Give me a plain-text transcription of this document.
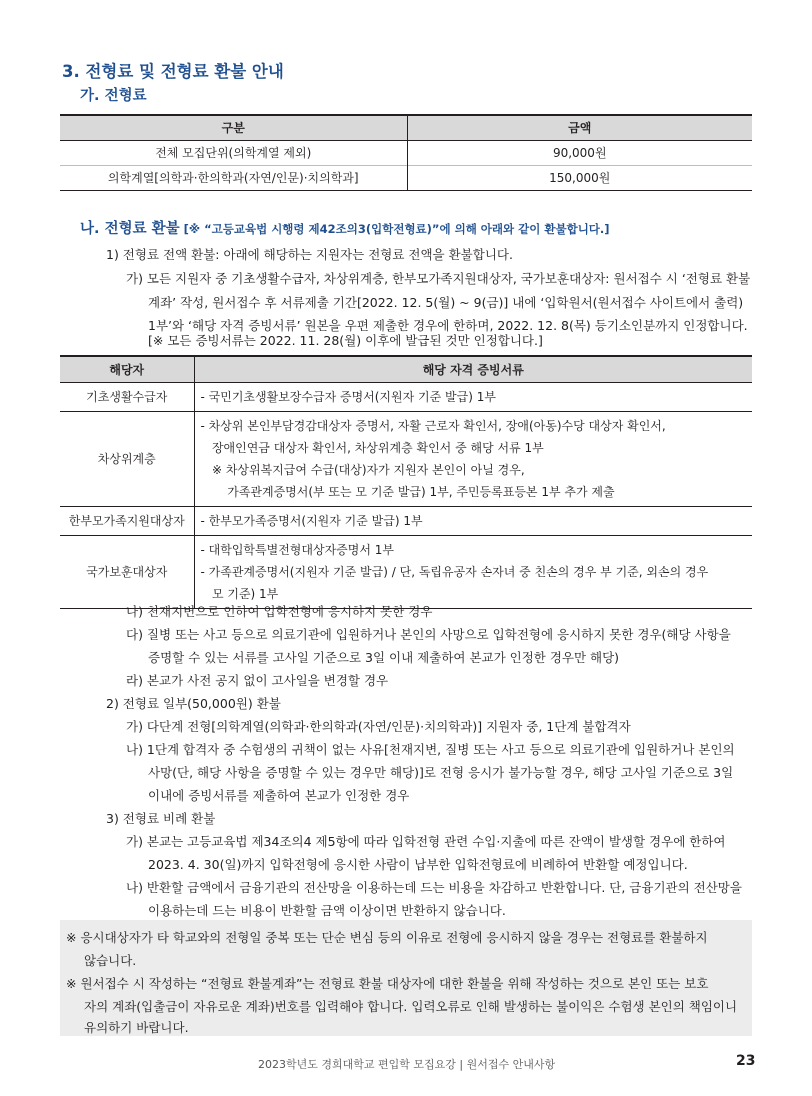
3. 전형료 및 전형료 환불 안내
가. 전형료
구분	금액
전체 모집단위(의학계열 제외)	90,000원
의학계열[의학과·한의학과(자연/인문)·치의학과]	150,000원
나. 전형료 환불 [※ “고등교육법 시행령 제42조의3(입학전형료)”에 의해 아래와 같이 환불합니다.]
1) 전형료 전액 환불: 아래에 해당하는 지원자는 전형료 전액을 환불합니다.
가) 모든 지원자 중 기초생활수급자, 차상위계층, 한부모가족지원대상자, 국가보훈대상자: 원서접수 시 ‘전형료 환불
계좌’ 작성, 원서접수 후 서류제출 기간[2022. 12. 5(월) ~ 9(금)] 내에 ‘입학원서(원서접수 사이트에서 출력)
1부’와 ‘해당 자격 증빙서류’ 원본을 우편 제출한 경우에 한하며, 2022. 12. 8(목) 등기소인분까지 인정합니다.
[※ 모든 증빙서류는 2022. 11. 28(월) 이후에 발급된 것만 인정합니다.]
해당자	해당 자격 증빙서류
기초생활수급자	- 국민기초생활보장수급자 증명서(지원자 기준 발급) 1부

차상위계층	- 차상위 본인부담경감대상자 증명서, 자활 근로자 확인서, 장애(아동)수당 대상자 확인서,
장애인연금 대상자 확인서, 차상위계층 확인서 중 해당 서류 1부
※ 차상위복지급여 수급(대상)자가 지원자 본인이 아닐 경우,
가족관계증명서(부 또는 모 기준 발급) 1부, 주민등록표등본 1부 추가 제출

한부모가족지원대상자	- 한부모가족증명서(지원자 기준 발급) 1부

국가보훈대상자	- 대학입학특별전형대상자증명서 1부
- 가족관계증명서(지원자 기준 발급) / 단, 독립유공자 손자녀 중 친손의 경우 부 기준, 외손의 경우
모 기준) 1부
나) 천재지변으로 인하여 입학전형에 응시하지 못한 경우
다) 질병 또는 사고 등으로 의료기관에 입원하거나 본인의 사망으로 입학전형에 응시하지 못한 경우(해당 사항을
증명할 수 있는 서류를 고사일 기준으로 3일 이내 제출하여 본교가 인정한 경우만 해당)
라) 본교가 사전 공지 없이 고사일을 변경할 경우
2) 전형료 일부(50,000원) 환불
가) 다단계 전형[의학계열(의학과·한의학과(자연/인문)·치의학과)] 지원자 중, 1단계 불합격자
나) 1단계 합격자 중 수험생의 귀책이 없는 사유[천재지변, 질병 또는 사고 등으로 의료기관에 입원하거나 본인의
사망(단, 해당 사항을 증명할 수 있는 경우만 해당)]로 전형 응시가 불가능할 경우, 해당 고사일 기준으로 3일
이내에 증빙서류를 제출하여 본교가 인정한 경우
3) 전형료 비례 환불
가) 본교는 고등교육법 제34조의4 제5항에 따라 입학전형 관련 수입·지출에 따른 잔액이 발생할 경우에 한하여
2023. 4. 30(일)까지 입학전형에 응시한 사람이 납부한 입학전형료에 비례하여 반환할 예정입니다.
나) 반환할 금액에서 금융기관의 전산망을 이용하는데 드는 비용을 차감하고 반환합니다. 단, 금융기관의 전산망을
이용하는데 드는 비용이 반환할 금액 이상이면 반환하지 않습니다.
※ 응시대상자가 타 학교와의 전형일 중복 또는 단순 변심 등의 이유로 전형에 응시하지 않을 경우는 전형료를 환불하지
않습니다.
※ 원서접수 시 작성하는 “전형료 환불계좌”는 전형료 환불 대상자에 대한 환불을 위해 작성하는 것으로 본인 또는 보호
자의 계좌(입출금이 자유로운 계좌)번호를 입력해야 합니다. 입력오류로 인해 발생하는 불이익은 수험생 본인의 책임이니
유의하기 바랍니다.
2023학년도 경희대학교 편입학 모집요강 | 원서접수 안내사항	23
